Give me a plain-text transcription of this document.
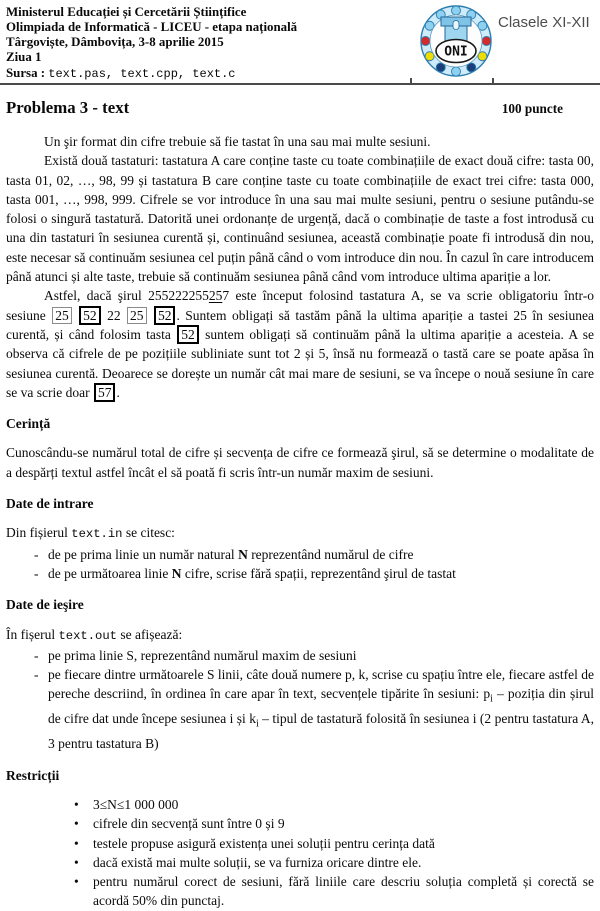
Ministerul Educației și Cercetării Științifice
Olimpiada de Informatică - LICEU - etapa națională
Târgoviște, Dâmbovița, 3-8 aprilie 2015
Ziua 1
Sursa : text.pas, text.cpp, text.c
ONI
Clasele XI-XII
Problema 3 - text	100 puncte

Un şir format din cifre trebuie să fie tastat în una sau mai multe sesiuni.

Există două tastaturi: tastatura A care conține taste cu toate combinațiile de exact două cifre: tasta 00, tasta 01, 02, …, 98, 99 și tastatura B care conține taste cu toate combinațiile de exact trei cifre: tasta 000, tasta 001, …, 998, 999. Cifrele se vor introduce în una sau mai multe sesiuni, pentru o sesiune putându-se folosi o singură tastatură. Datorită unei ordonanțe de urgență, dacă o combinație de taste a fost introdusă cu una din tastaturi în sesiunea curentă și, continuând sesiunea, această combinație poate fi introdusă din nou, este necesar să continuăm sesiunea cel puțin până când o vom introduce din nou. În cazul în care introducem până atunci și alte taste, trebuie să continuăm sesiunea până când vom introduce ultima apariție a lor.

Astfel, dacă şirul 255222255257 este început folosind tastatura A, se va scrie obligatoriu într-o sesiune 25 52 22 25 52 . Suntem obligați să tastăm până la ultima apariție a tastei 25 în sesiunea curentă, și când folosim tasta 52 suntem obligați să continuăm până la ultima apariție a acesteia. A se observa că cifrele de pe pozițiile subliniate sunt tot 2 și 5, însă nu formează o tastă care se poate apăsa în sesiunea curentă. Deoarece se dorește un număr cât mai mare de sesiuni, se va începe o nouă sesiune în care se va scrie doar 57 .

Cerință

Cunoscându-se numărul total de cifre și secvența de cifre ce formează şirul, să se determine o modalitate de a despărți textul astfel încât el să poată fi scris într-un număr maxim de sesiuni.

Date de intrare

Din fișierul text.in se citesc:

- de pe prima linie un număr natural N reprezentând numărul de cifre
- de pe următoarea linie N cifre, scrise fără spații, reprezentând şirul de tastat

Date de ieşire

În fișerul text.out se afișează:

- pe prima linie S, reprezentând numărul maxim de sesiuni
- pe fiecare dintre următoarele S linii, câte două numere p, k, scrise cu spațiu între ele, fiecare astfel de pereche descriind, în ordinea în care apar în text, secvențele tipărite în sesiuni: $p_i$ – poziția din șirul de cifre dat unde începe sesiunea i și $k_i$ – tipul de tastatură folosită în sesiunea i (2 pentru tastatura A, 3 pentru tastatura B)

Restricții

•	3≤N≤1 000 000
•	cifrele din secvență sunt între 0 și 9
•	testele propuse asigură existența unei soluții pentru cerința dată
•	dacă există mai multe soluții, se va furniza oricare dintre ele.
•	pentru numărul corect de sesiuni, fără liniile care descriu soluția completă și corectă se acordă 50% din punctaj.
